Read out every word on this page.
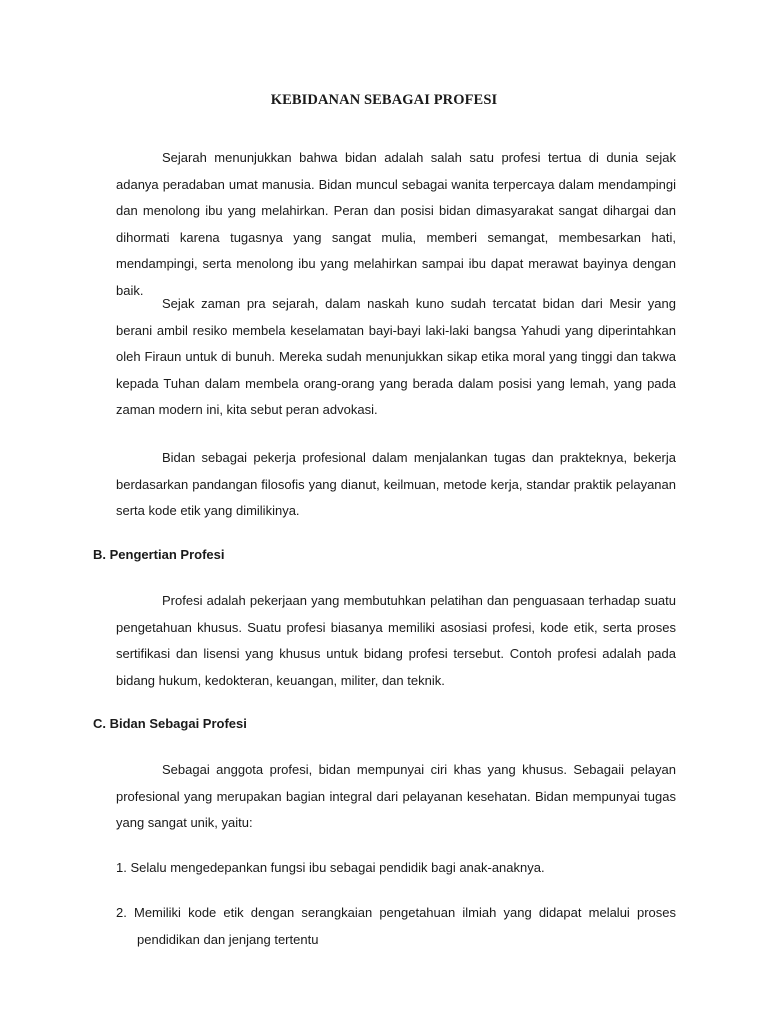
KEBIDANAN SEBAGAI PROFESI

Sejarah menunjukkan bahwa bidan adalah salah satu profesi tertua di dunia sejak adanya peradaban umat manusia. Bidan muncul sebagai wanita terpercaya dalam mendampingi dan menolong ibu yang melahirkan. Peran dan posisi bidan dimasyarakat sangat dihargai dan dihormati karena tugasnya yang sangat mulia, memberi semangat, membesarkan hati, mendampingi, serta menolong ibu yang melahirkan sampai ibu dapat merawat bayinya dengan baik.

Sejak zaman pra sejarah, dalam naskah kuno sudah tercatat bidan dari Mesir yang berani ambil resiko membela keselamatan bayi-bayi laki-laki bangsa Yahudi yang diperintahkan oleh Firaun untuk di bunuh. Mereka sudah menunjukkan sikap etika moral yang tinggi dan takwa kepada Tuhan dalam membela orang-orang yang berada dalam posisi yang lemah, yang pada zaman modern ini, kita sebut peran advokasi.

Bidan sebagai pekerja profesional dalam menjalankan tugas dan prakteknya, bekerja berdasarkan pandangan filosofis yang dianut, keilmuan, metode kerja, standar praktik pelayanan serta kode etik yang dimilikinya.

B. Pengertian Profesi

Profesi adalah pekerjaan yang membutuhkan pelatihan dan penguasaan terhadap suatu pengetahuan khusus. Suatu profesi biasanya memiliki asosiasi profesi, kode etik, serta proses sertifikasi dan lisensi yang khusus untuk bidang profesi tersebut. Contoh profesi adalah pada bidang hukum, kedokteran, keuangan, militer, dan teknik.

C. Bidan Sebagai Profesi

Sebagai anggota profesi, bidan mempunyai ciri khas yang khusus. Sebagaii pelayan profesional yang merupakan bagian integral dari pelayanan kesehatan. Bidan mempunyai tugas yang sangat unik, yaitu:

1. Selalu mengedepankan fungsi ibu sebagai pendidik bagi anak-anaknya.

2. Memiliki kode etik dengan serangkaian pengetahuan ilmiah yang didapat melalui proses pendidikan dan jenjang tertentu
